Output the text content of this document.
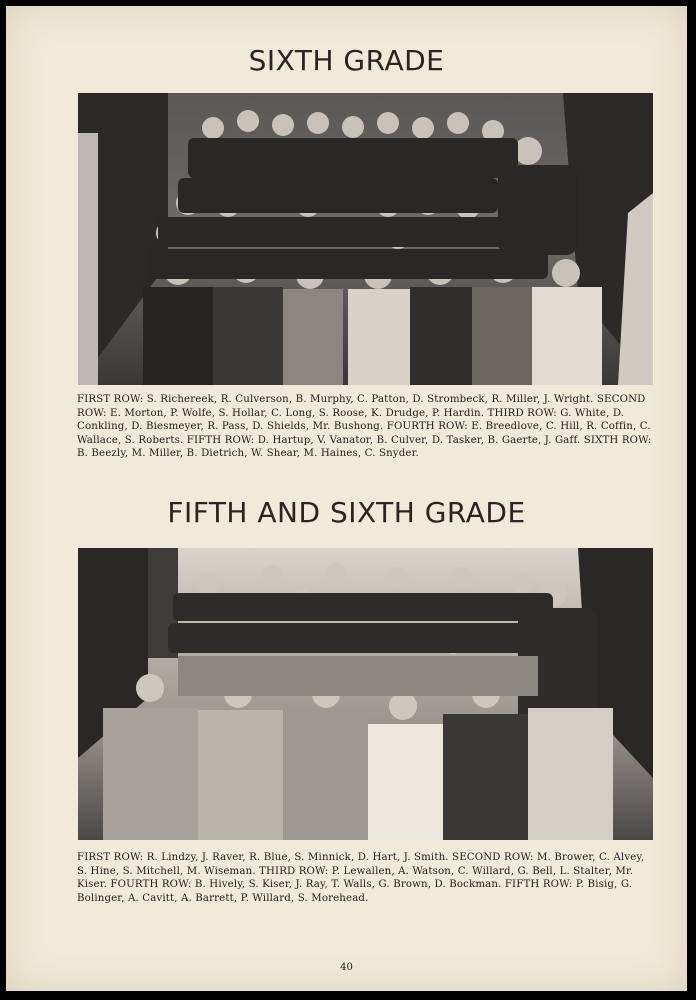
SIXTH GRADE
FIRST ROW: S. Richereek, R. Culverson, B. Murphy, C. Patton, D. Strombeck, R. Miller, J. Wright. SECOND ROW: E. Morton, P. Wolfe, S. Hollar, C. Long, S. Roose, K. Drudge, P. Hardin. THIRD ROW: G. White, D. Conkling, D. Biesmeyer, R. Pass, D. Shields, Mr. Bushong. FOURTH ROW: E. Breedlove, C. Hill, R. Coffin, C. Wallace, S. Roberts. FIFTH ROW: D. Hartup, V. Vanator, B. Culver, D. Tasker, B. Gaerte, J. Gaff. SIXTH ROW: B. Beezly, M. Miller, B. Dietrich, W. Shear, M. Haines, C. Snyder.
FIFTH AND SIXTH GRADE
FIRST ROW: R. Lindzy, J. Raver, R. Blue, S. Minnick, D. Hart, J. Smith. SECOND ROW: M. Brower, C. Alvey, S. Hine, S. Mitchell, M. Wiseman. THIRD ROW: P. Lewallen, A. Watson, C. Willard, G. Bell, L. Stalter, Mr. Kiser. FOURTH ROW: B. Hively, S. Kiser, J. Ray, T. Walls, G. Brown, D. Bockman. FIFTH ROW: P. Bisig, G. Bolinger, A. Cavitt, A. Barrett, P. Willard, S. Morehead.
40
